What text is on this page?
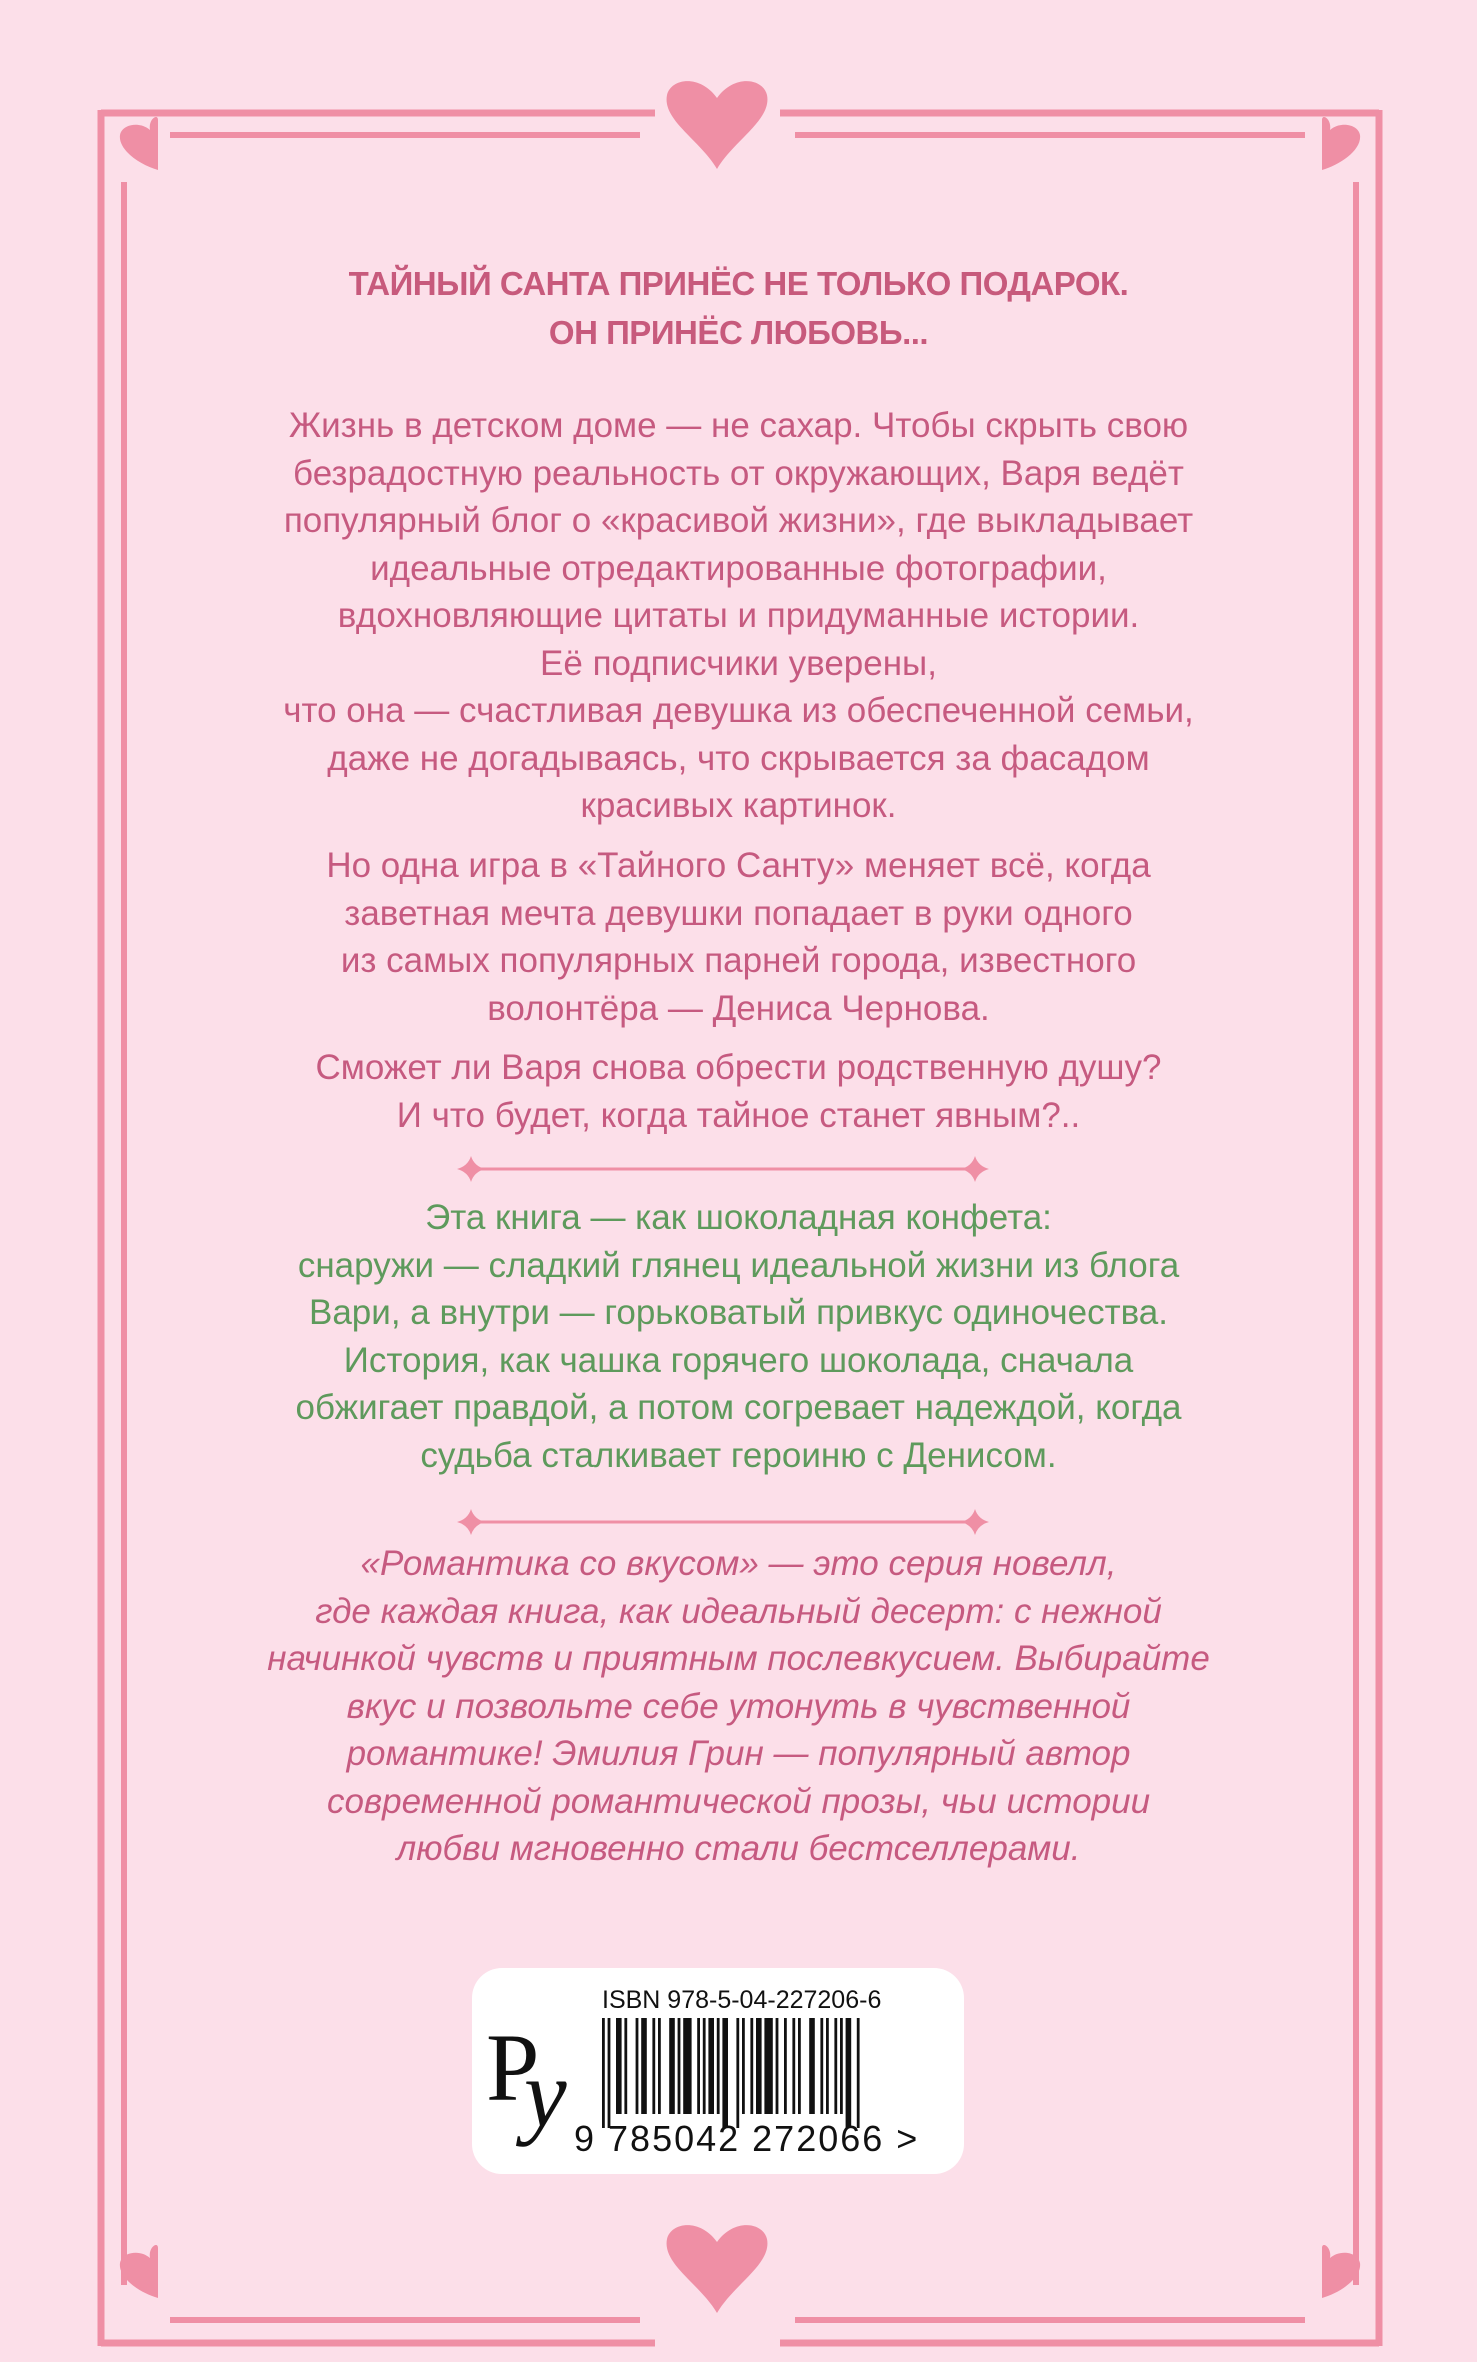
ТАЙНЫЙ САНТА ПРИНЁС НЕ ТОЛЬКО ПОДАРОК.
ОН ПРИНЁС ЛЮБОВЬ...
Жизнь в детском доме — не сахар. Чтобы скрыть свою
безрадостную реальность от окружающих, Варя ведёт
популярный блог о «красивой жизни», где выкладывает
идеальные отредактированные фотографии,
вдохновляющие цитаты и придуманные истории.
Её подписчики уверены,
что она — счастливая девушка из обеспеченной семьи,
даже не догадываясь, что скрывается за фасадом
красивых картинок.
Но одна игра в «Тайного Санту» меняет всё, когда
заветная мечта девушки попадает в руки одного
из самых популярных парней города, известного
волонтёра — Дениса Чернова.
Сможет ли Варя снова обрести родственную душу?
И что будет, когда тайное станет явным?..
Эта книга — как шоколадная конфета:
снаружи — сладкий глянец идеальной жизни из блога
Вари, а внутри — горьковатый привкус одиночества.
История, как чашка горячего шоколада, сначала
обжигает правдой, а потом согревает надеждой, когда
судьба сталкивает героиню с Денисом.
«Романтика со вкусом» — это серия новелл,
где каждая книга, как идеальный десерт: с нежной
начинкой чувств и приятным послевкусием. Выбирайте
вкус и позвольте себе утонуть в чувственной
романтике! Эмилия Грин — популярный автор
современной романтической прозы, чьи истории
любви мгновенно стали бестселлерами.
Р
у
ISBN 978-5-04-227206-6
9 785042 272066 >
